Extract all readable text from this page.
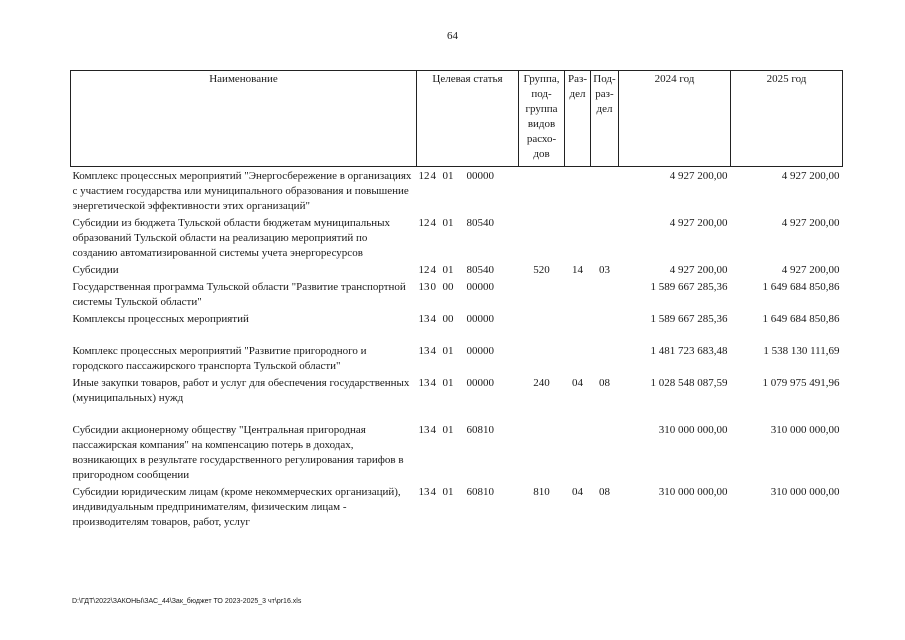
64
Наименование	Целевая статья	Группа, под- группа видов расхо- дов	Раз- дел	Под- раз- дел	2024 год	2025 год
Комплекс процессных мероприятий "Энергосбережение в организациях с участием государства или муниципального образования и повышение энергетической эффективности этих организаций"	124 01 00000				4 927 200,00	4 927 200,00
Субсидии из бюджета Тульской области бюджетам муниципальных образований Тульской области на реализацию мероприятий по созданию автоматизированной системы учета энергоресурсов	124 01 80540				4 927 200,00	4 927 200,00
Субсидии	124 01 80540	520	14	03	4 927 200,00	4 927 200,00
Государственная программа Тульской области "Развитие транспортной системы Тульской области"	130 00 00000				1 589 667 285,36	1 649 684 850,86
Комплексы процессных мероприятий	134 00 00000				1 589 667 285,36	1 649 684 850,86
Комплекс процессных мероприятий "Развитие пригородного и городского пассажирского транспорта Тульской области"	134 01 00000				1 481 723 683,48	1 538 130 111,69
Иные закупки товаров, работ и услуг для обеспечения государственных (муниципальных) нужд	134 01 00000	240	04	08	1 028 548 087,59	1 079 975 491,96
Субсидии акционерному обществу "Центральная пригородная пассажирская компания" на компенсацию потерь в доходах, возникающих в результате государственного регулирования тарифов в пригородном сообщении	134 01 60810				310 000 000,00	310 000 000,00
Субсидии юридическим лицам (кроме некоммерческих организаций), индивидуальным предпринимателям, физическим лицам - производителям товаров, работ, услуг	134 01 60810	810	04	08	310 000 000,00	310 000 000,00
D:\ГДТ\2022\ЗАКОНЫ\ЗАС_44\Зак_бюджет ТО 2023-2025_3 чт\pr16.xls
